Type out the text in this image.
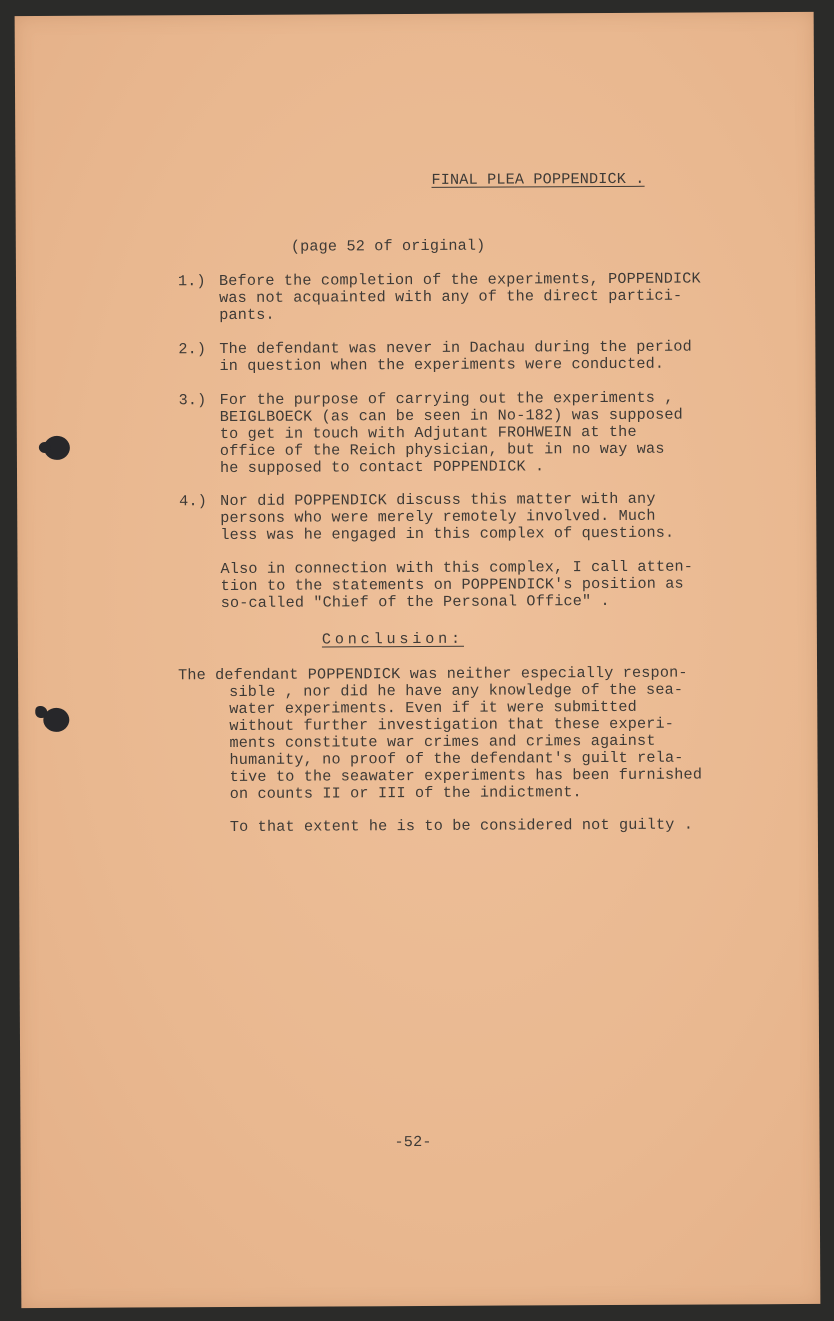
FINAL PLEA POPPENDICK .
(page 52 of original)
1.) Before the completion of the experiments, POPPENDICK
was not acquainted with any of the direct partici-
pants.
2.) The defendant was never in Dachau during the period
in question when the experiments were conducted.
3.) For the purpose of carrying out the experiments ,
BEIGLBOECK (as can be seen in No-182) was supposed
to get in touch with Adjutant FROHWEIN at the
office of the Reich physician, but in no way was
he supposed to contact POPPENDICK .
4.) Nor did POPPENDICK discuss this matter with any
persons who were merely remotely involved. Much
less was he engaged in this complex of questions.
Also in connection with this complex, I call atten-
tion to the statements on POPPENDICK's position as
so-called "Chief of the Personal Office" .
Conclusion:
The defendant POPPENDICK was neither especially respon-
sible , nor did he have any knowledge of the sea-
water experiments. Even if it were submitted
without further investigation that these experi-
ments constitute war crimes and crimes against
humanity, no proof of the defendant's guilt rela-
tive to the seawater experiments has been furnished
on counts II or III of the indictment.
To that extent he is to be considered not guilty .
-52-
